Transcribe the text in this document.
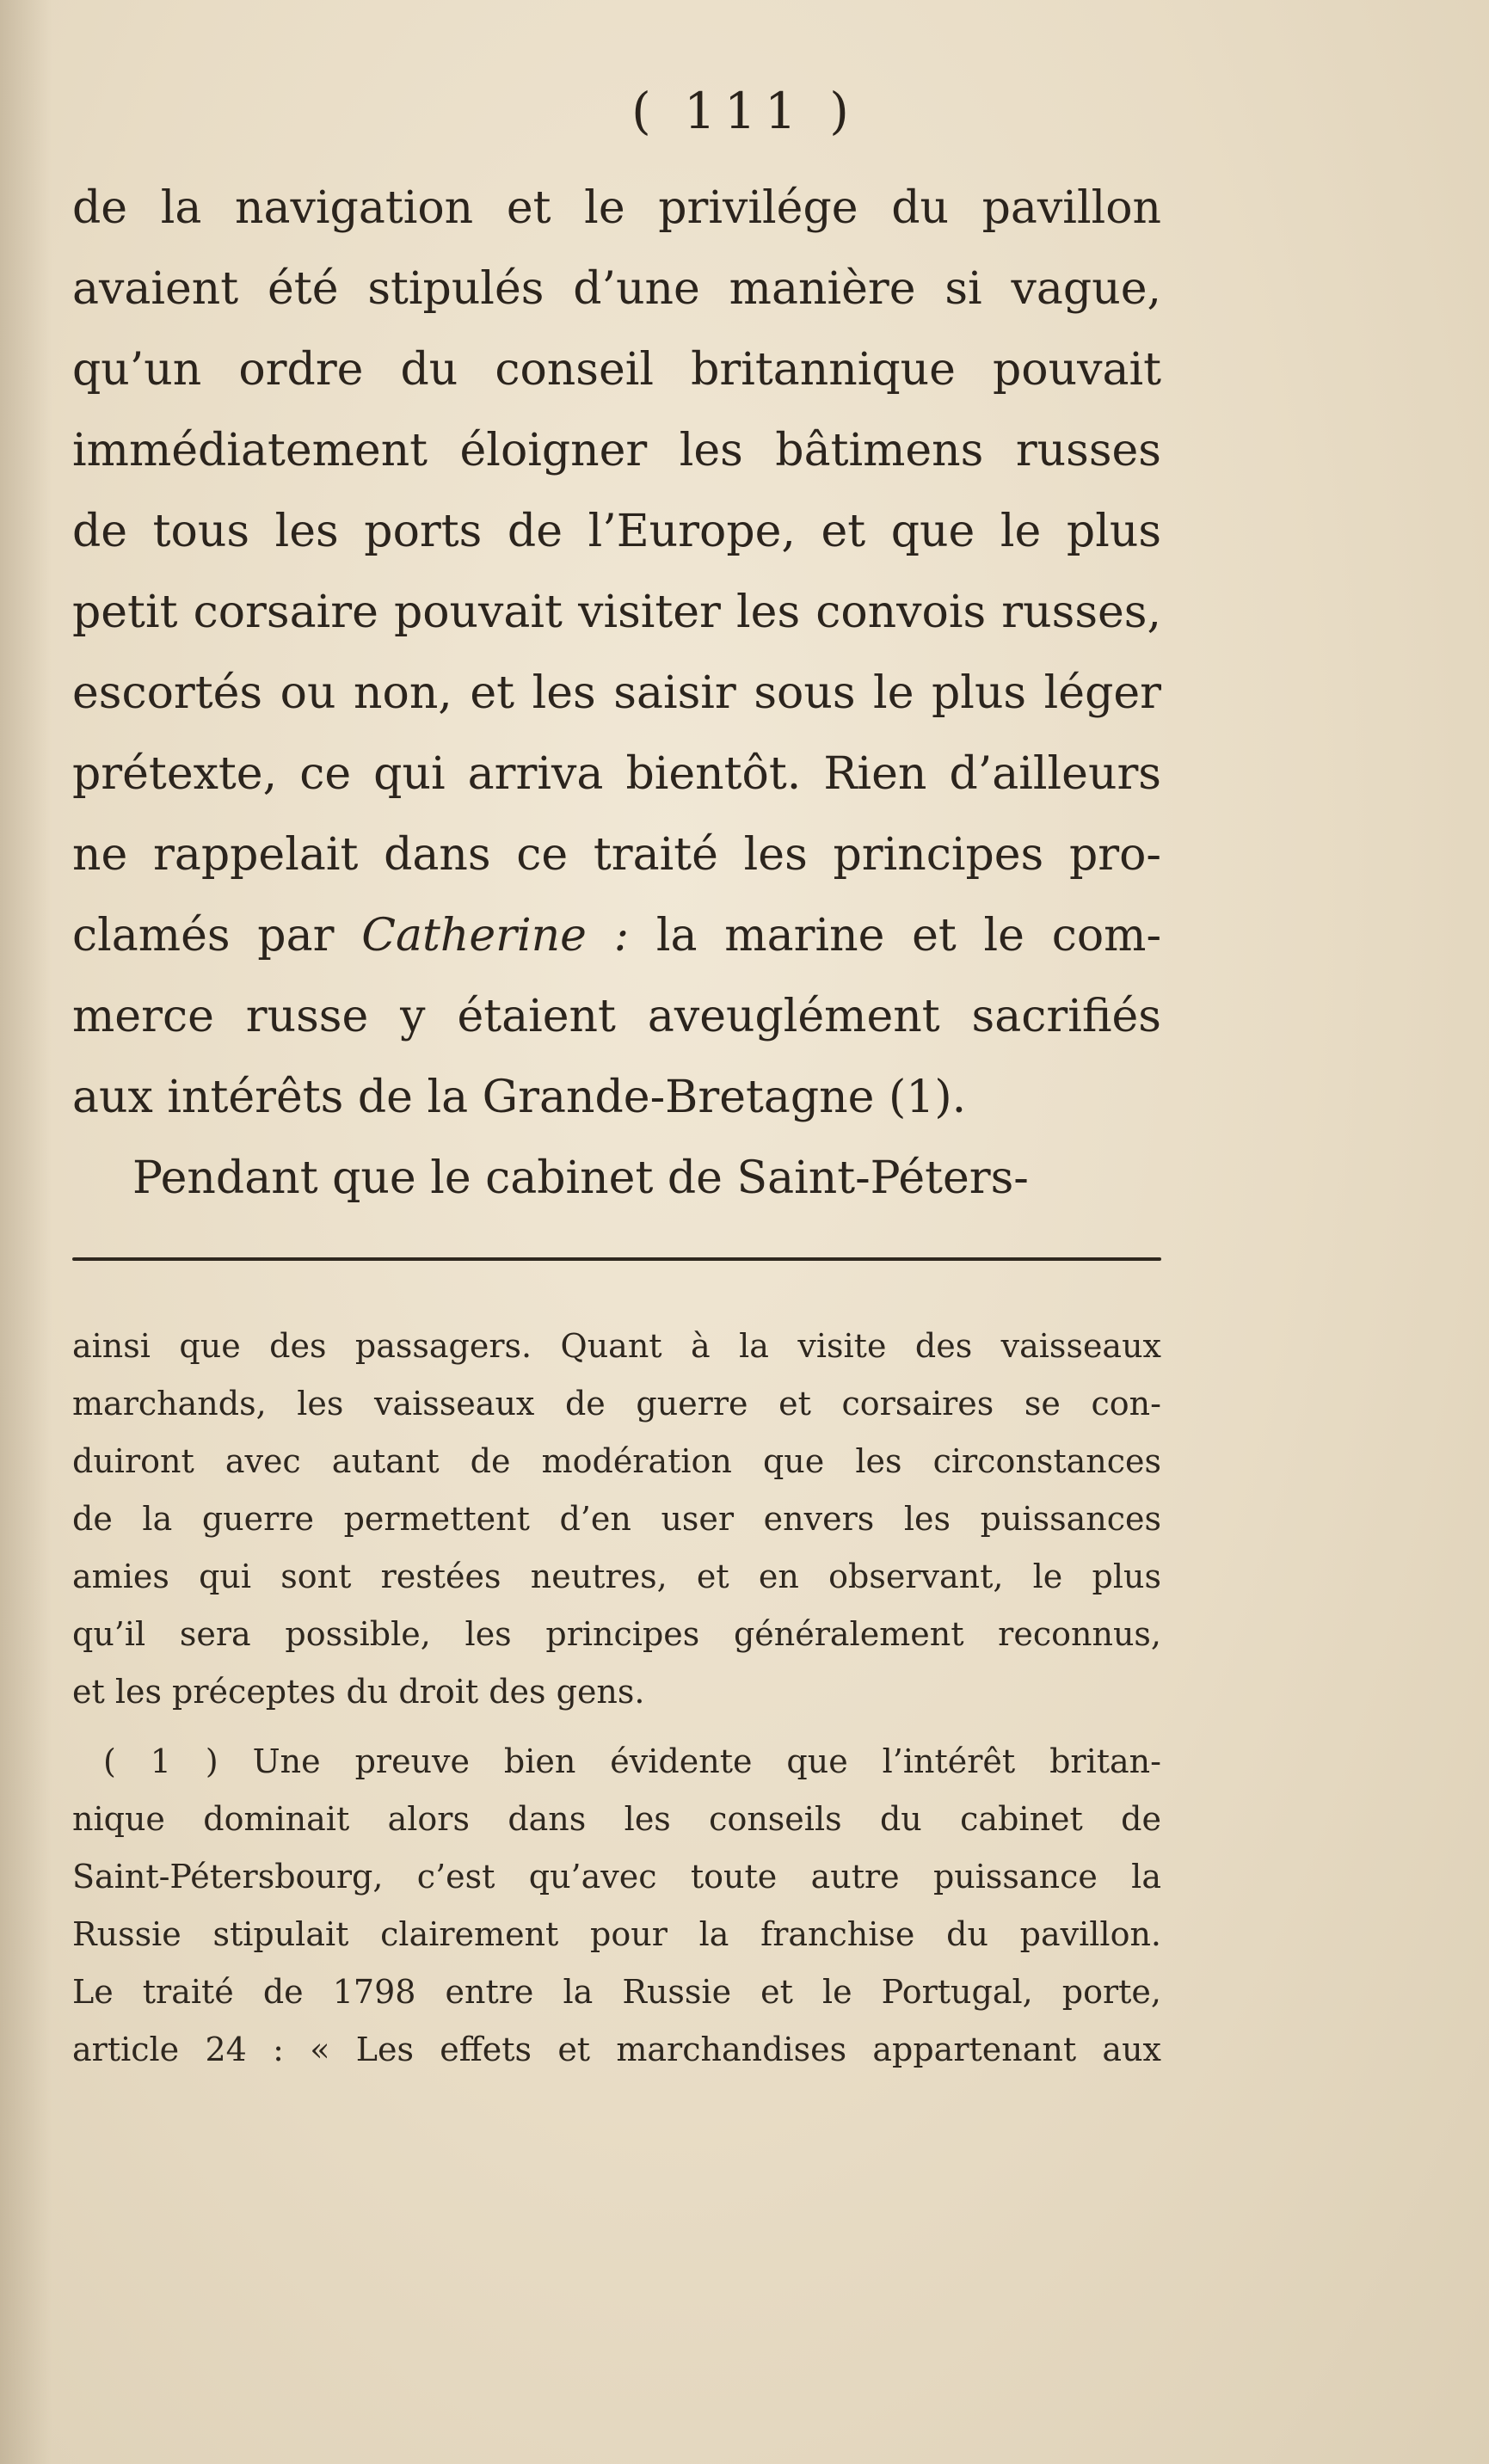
( 111 )
de la navigation et le privilége du pavillon
avaient été stipulés d’une manière si vague,
qu’un ordre du conseil britannique pouvait
immédiatement éloigner les bâtimens russes
de tous les ports de l’Europe, et que le plus
petit corsaire pouvait visiter les convois russes,
escortés ou non, et les saisir sous le plus léger
prétexte, ce qui arriva bientôt. Rien d’ailleurs
ne rappelait dans ce traité les principes pro-
clamés par Catherine : la marine et le com-
merce russe y étaient aveuglément sacrifiés
aux intérêts de la Grande-Bretagne (1).
Pendant que le cabinet de Saint-Péters-
ainsi que des passagers. Quant à la visite des vaisseaux
marchands, les vaisseaux de guerre et corsaires se con-
duiront avec autant de modération que les circonstances
de la guerre permettent d’en user envers les puissances
amies qui sont restées neutres, et en observant, le plus
qu’il sera possible, les principes généralement reconnus,
et les préceptes du droit des gens.
( 1 ) Une preuve bien évidente que l’intérêt britan-
nique dominait alors dans les conseils du cabinet de
Saint-Pétersbourg, c’est qu’avec toute autre puissance la
Russie stipulait clairement pour la franchise du pavillon.
Le traité de 1798 entre la Russie et le Portugal, porte,
article 24 : « Les effets et marchandises appartenant aux
